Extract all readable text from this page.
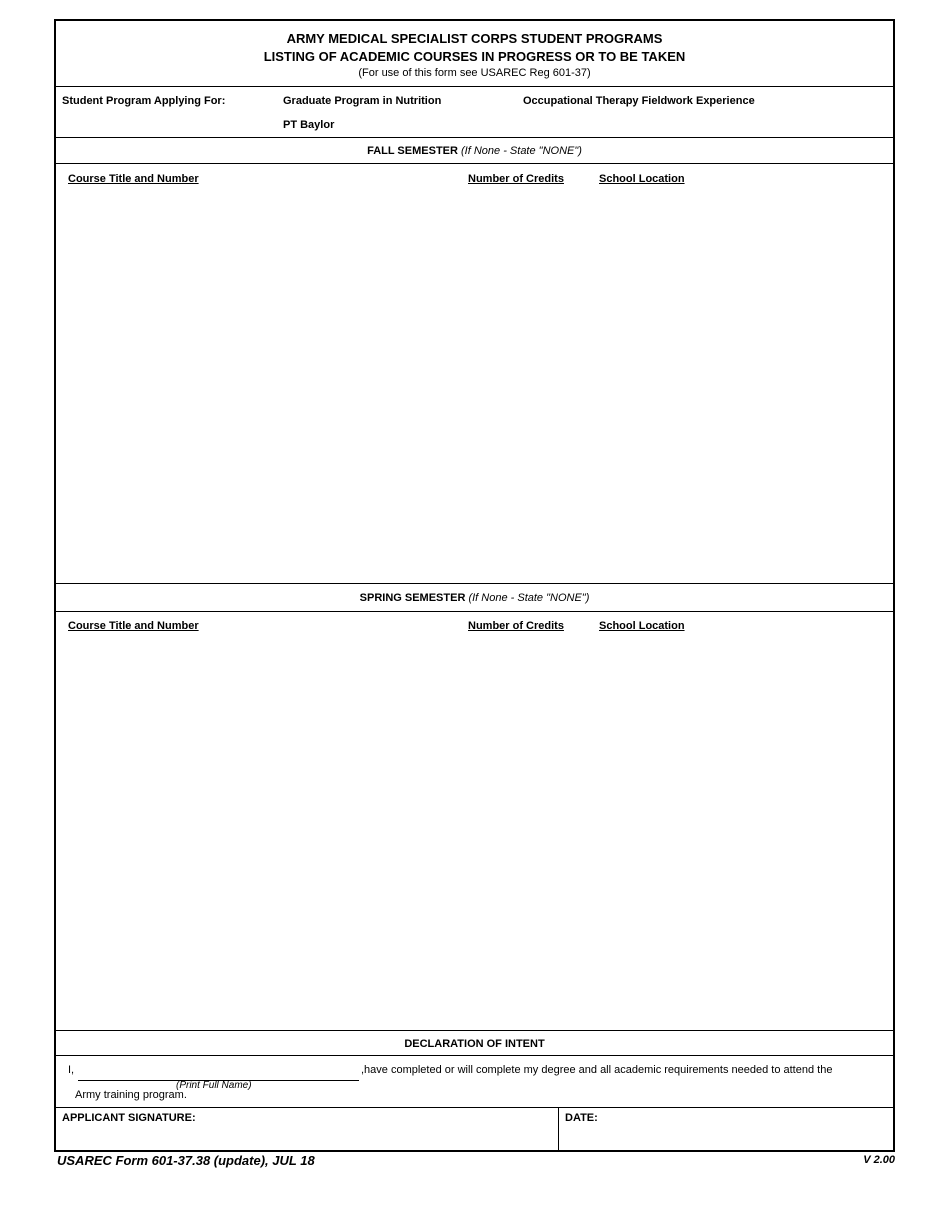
ARMY MEDICAL SPECIALIST CORPS STUDENT PROGRAMS
LISTING OF ACADEMIC COURSES IN PROGRESS OR TO BE TAKEN
(For use of this form see USAREC Reg 601-37)
Student Program Applying For:	Graduate Program in Nutrition	Occupational Therapy Fieldwork Experience
PT Baylor
FALL SEMESTER (If None - State "NONE")
Course Title and Number	Number of Credits	School Location
SPRING SEMESTER (If None - State "NONE")
Course Title and Number	Number of Credits	School Location
DECLARATION OF INTENT
I,
(Print Full Name)
,have completed or will complete my degree and all academic requirements needed to attend the
Army training program.
APPLICANT SIGNATURE:	DATE:
USAREC Form 601-37.38 (update), JUL 18	V 2.00
